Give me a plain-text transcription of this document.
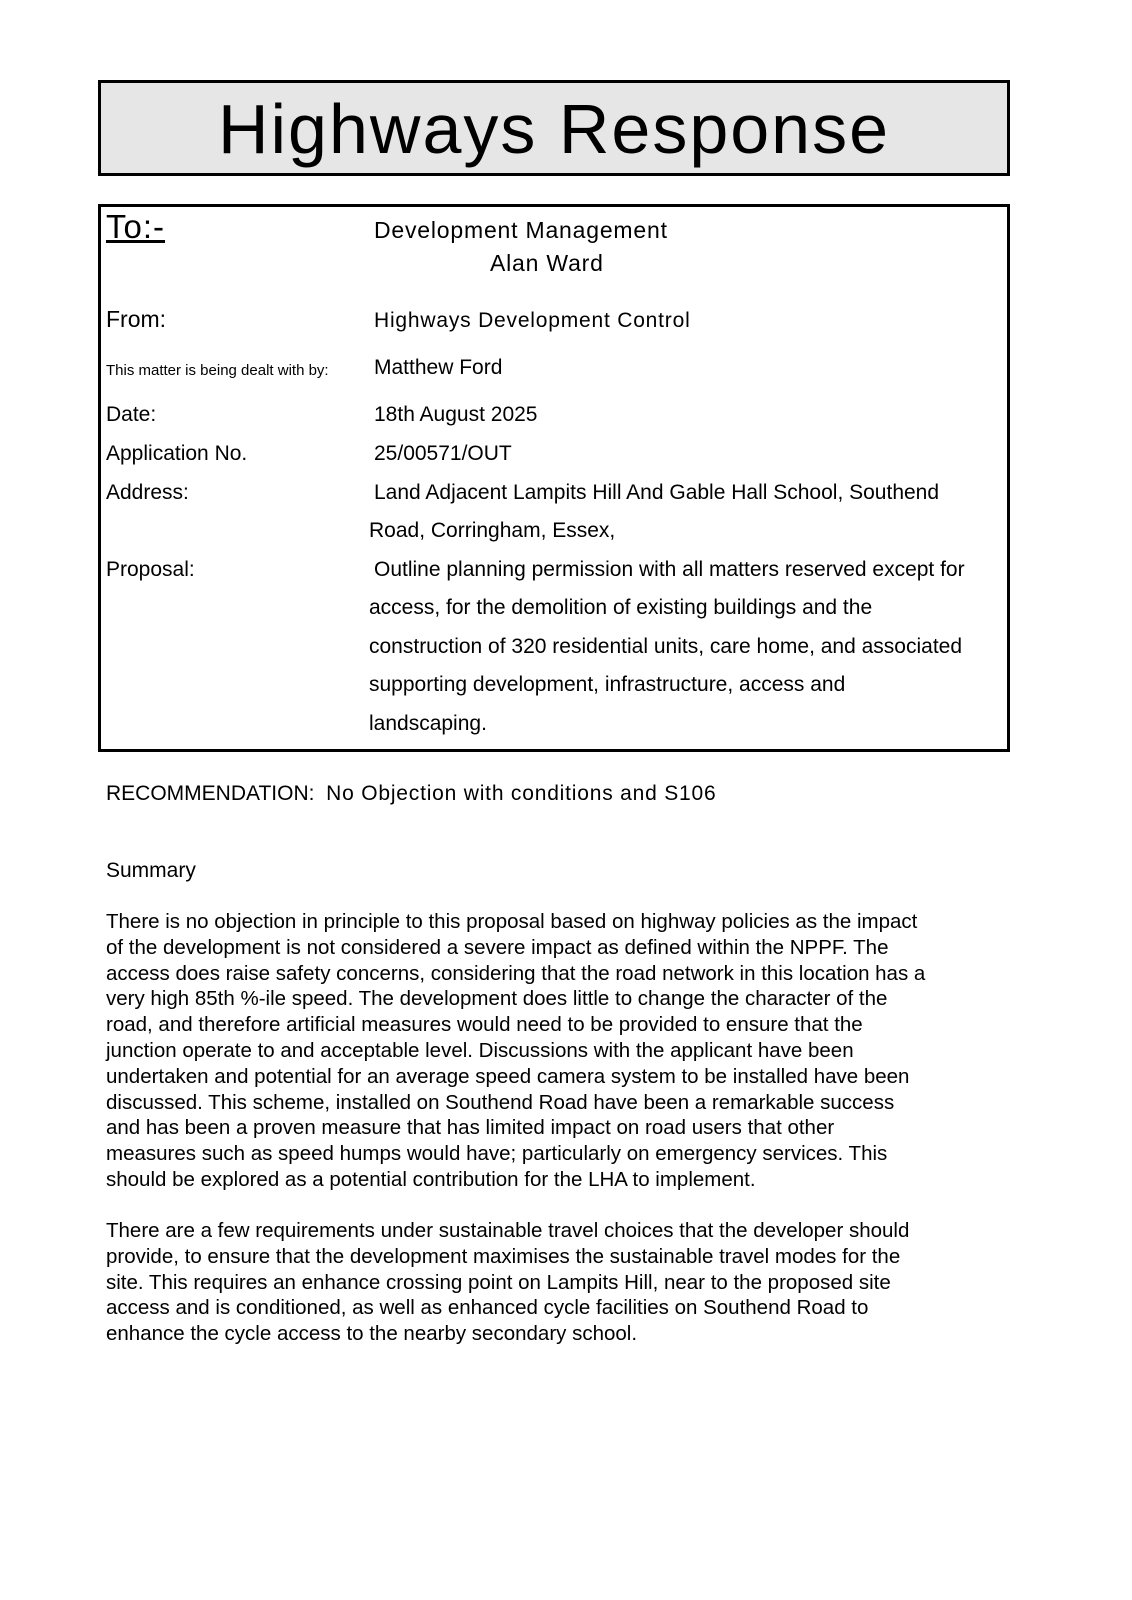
Highways Response
To:-	Development Management
Alan Ward
From:	Highways Development Control
This matter is being dealt with by: Matthew Ford
Date:	18th August 2025
Application No.	25/00571/OUT
Address:	Land Adjacent Lampits Hill And Gable Hall School, Southend
Road, Corringham, Essex,
Proposal:	Outline planning permission with all matters reserved except for
access, for the demolition of existing buildings and the
construction of 320 residential units, care home, and associated
supporting development, infrastructure, access and
landscaping.
RECOMMENDATION: No Objection with conditions and S106
Summary
There is no objection in principle to this proposal based on highway policies as the impact
of the development is not considered a severe impact as defined within the NPPF. The
access does raise safety concerns, considering that the road network in this location has a
very high 85th %-ile speed. The development does little to change the character of the
road, and therefore artificial measures would need to be provided to ensure that the
junction operate to and acceptable level. Discussions with the applicant have been
undertaken and potential for an average speed camera system to be installed have been
discussed. This scheme, installed on Southend Road have been a remarkable success
and has been a proven measure that has limited impact on road users that other
measures such as speed humps would have; particularly on emergency services. This
should be explored as a potential contribution for the LHA to implement.
There are a few requirements under sustainable travel choices that the developer should
provide, to ensure that the development maximises the sustainable travel modes for the
site. This requires an enhance crossing point on Lampits Hill, near to the proposed site
access and is conditioned, as well as enhanced cycle facilities on Southend Road to
enhance the cycle access to the nearby secondary school.
